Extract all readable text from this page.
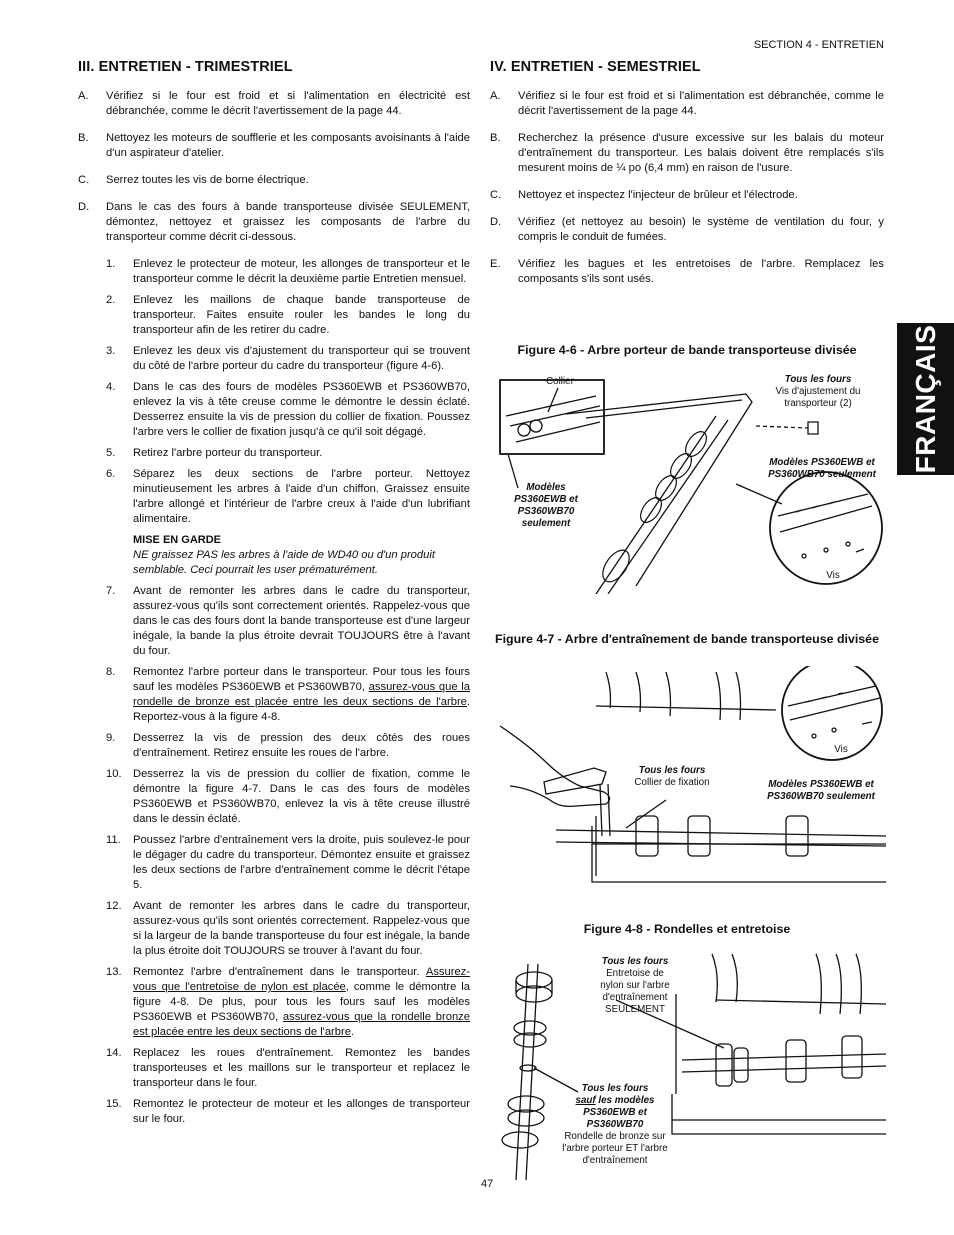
SECTION 4 - ENTRETIEN
FRANÇAIS
III. ENTRETIEN - TRIMESTRIEL
A. Vérifiez si le four est froid et si l'alimentation en électricité est débranchée, comme le décrit l'avertissement de la page 44.
B. Nettoyez les moteurs de soufflerie et les composants avoisinants à l'aide d'un aspirateur d'atelier.
C. Serrez toutes les vis de borne électrique.
D. Dans le cas des fours à bande transporteuse divisée SEULEMENT, démontez, nettoyez et graissez les composants de l'arbre du transporteur comme décrit ci-dessous.
1. Enlevez le protecteur de moteur, les allonges de transporteur et le transporteur comme le décrit la deuxième partie Entretien mensuel.
2. Enlevez les maillons de chaque bande transporteuse de transporteur. Faites ensuite rouler les bandes le long du transporteur afin de les retirer du cadre.
3. Enlevez les deux vis d'ajustement du transporteur qui se trouvent du côté de l'arbre porteur du cadre du transporteur (figure 4-6).
4. Dans le cas des fours de modèles PS360EWB et PS360WB70, enlevez la vis à tête creuse comme le démontre le dessin éclaté. Desserrez ensuite la vis de pression du collier de fixation. Poussez l'arbre vers le collier de fixation jusqu'à ce qu'il soit dégagé.
5. Retirez l'arbre porteur du transporteur.
6. Séparez les deux sections de l'arbre porteur. Nettoyez minutieusement les arbres à l'aide d'un chiffon. Graissez ensuite l'arbre allongé et l'intérieur de l'arbre creux à l'aide d'un lubrifiant alimentaire.
MISE EN GARDE
NE graissez PAS les arbres à l'aide de WD40 ou d'un produit semblable. Ceci pourrait les user prématurément.
7. Avant de remonter les arbres dans le cadre du transporteur, assurez-vous qu'ils sont correctement orientés. Rappelez-vous que dans le cas des fours dont la bande transporteuse est d'une largeur inégale, la bande la plus étroite devrait TOUJOURS être à l'avant du four.
8. Remontez l'arbre porteur dans le transporteur. Pour tous les fours sauf les modèles PS360EWB et PS360WB70, assurez-vous que la rondelle de bronze est placée entre les deux sections de l'arbre. Reportez-vous à la figure 4-8.
9. Desserrez la vis de pression des deux côtés des roues d'entraînement. Retirez ensuite les roues de l'arbre.
10. Desserrez la vis de pression du collier de fixation, comme le démontre la figure 4-7. Dans le cas des fours de modèles PS360EWB et PS360WB70, enlevez la vis à tête creuse illustré dans le dessin éclaté.
11. Poussez l'arbre d'entraînement vers la droite, puis soulevez-le pour le dégager du cadre du transporteur. Démontez ensuite et graissez les deux sections de l'arbre d'entraînement comme le décrit l'étape 5.
12. Avant de remonter les arbres dans le cadre du transporteur, assurez-vous qu'ils sont orientés correctement. Rappelez-vous que si la largeur de la bande transporteuse du four est inégale, la bande la plus étroite doit TOUJOURS se trouver à l'avant du four.
13. Remontez l'arbre d'entraînement dans le transporteur. Assurez-vous que l'entretoise de nylon est placée, comme le démontre la figure 4-8. De plus, pour tous les fours sauf les modèles PS360EWB et PS360WB70, assurez-vous que la rondelle bronze est placée entre les deux sections de l'arbre.
14. Replacez les roues d'entraînement. Remontez les bandes transporteuses et les maillons sur le transporteur et replacez le transporteur dans le four.
15. Remontez le protecteur de moteur et les allonges de transporteur sur le four.
IV. ENTRETIEN - SEMESTRIEL
A. Vérifiez si le four est froid et si l'alimentation est débranchée, comme le décrit l'avertissement de la page 44.
B. Recherchez la présence d'usure excessive sur les balais du moteur d'entraînement du transporteur. Les balais doivent être remplacés s'ils mesurent moins de ¼ po (6,4 mm) en raison de l'usure.
C. Nettoyez et inspectez l'injecteur de brûleur et l'électrode.
D. Vérifiez (et nettoyez au besoin) le système de ventilation du four, y compris le conduit de fumées.
E. Vérifiez les bagues et les entretoises de l'arbre. Remplacez les composants s'ils sont usés.
Figure 4-6 - Arbre porteur de bande transporteuse divisée
Collier	Tous les fours
Vis d'ajustement du transporteur (2)
Modèles PS360EWB et PS360WB70 seulement
Modèles PS360EWB et PS360WB70 seulement
Vis
Figure 4-7 - Arbre d'entraînement de bande transporteuse divisée
Tous les fours
Collier de fixation	Modèles PS360EWB et PS360WB70 seulement
Vis
Figure 4-8 - Rondelles et entretoise
Tous les fours
Entretoise de nylon sur l'arbre d'entraînement SEULEMENT
Tous les fours
sauf les modèles
PS360EWB et PS360WB70
Rondelle de bronze sur l'arbre porteur ET l'arbre d'entraînement
47
